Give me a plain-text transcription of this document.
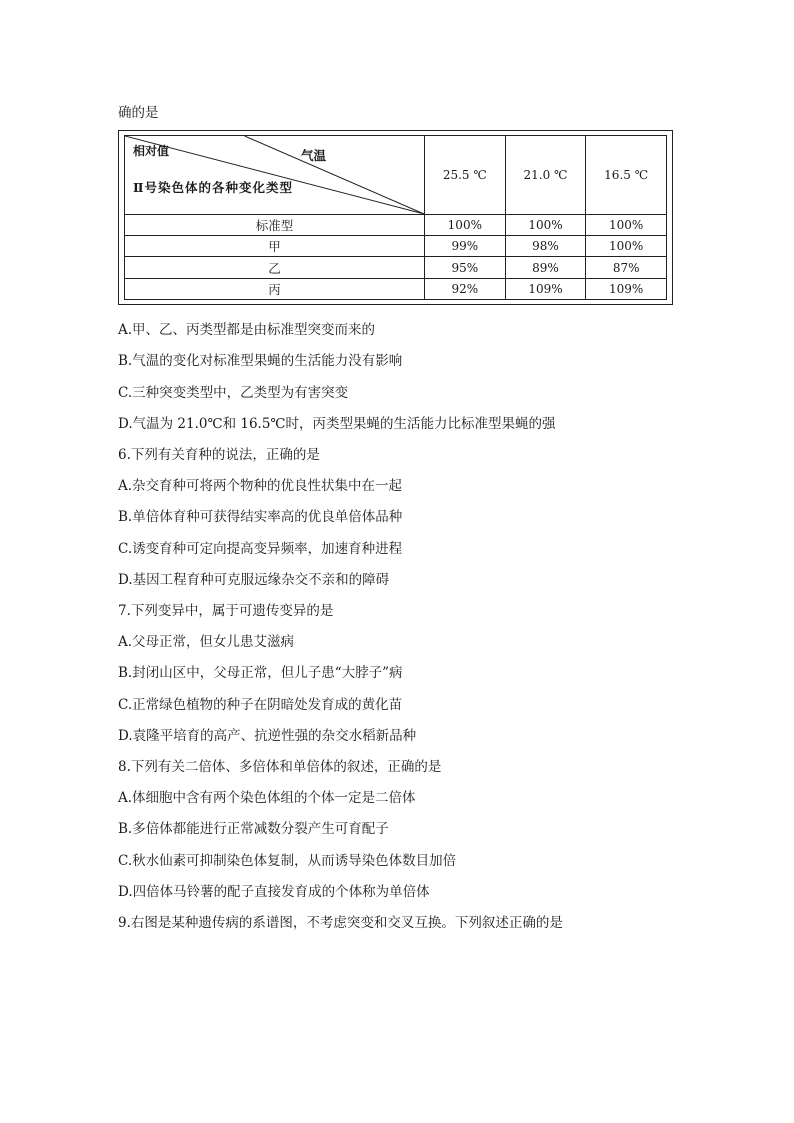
确的是
相对值 气温
Ⅱ号染色体的各种变化类型	25.5 ℃	21.0 ℃	16.5 ℃
标准型	100%	100%	100%
甲	99%	98%	100%
乙	95%	89%	87%
丙	92%	109%	109%
A.甲、乙、丙类型都是由标准型突变而来的
B.气温的变化对标准型果蝇的生活能力没有影响
C.三种突变类型中，乙类型为有害突变
D.气温为 21.0℃和 16.5℃时，丙类型果蝇的生活能力比标准型果蝇的强
6.下列有关育种的说法，正确的是
A.杂交育种可将两个物种的优良性状集中在一起
B.单倍体育种可获得结实率高的优良单倍体品种
C.诱变育种可定向提高变异频率，加速育种进程
D.基因工程育种可克服远缘杂交不亲和的障碍
7.下列变异中，属于可遗传变异的是
A.父母正常，但女儿患艾滋病
B.封闭山区中，父母正常，但儿子患“大脖子”病
C.正常绿色植物的种子在阴暗处发育成的黄化苗
D.袁隆平培育的高产、抗逆性强的杂交水稻新品种
8.下列有关二倍体、多倍体和单倍体的叙述，正确的是
A.体细胞中含有两个染色体组的个体一定是二倍体
B.多倍体都能进行正常减数分裂产生可育配子
C.秋水仙素可抑制染色体复制，从而诱导染色体数目加倍
D.四倍体马铃薯的配子直接发育成的个体称为单倍体
9.右图是某种遗传病的系谱图，不考虑突变和交叉互换。下列叙述正确的是
